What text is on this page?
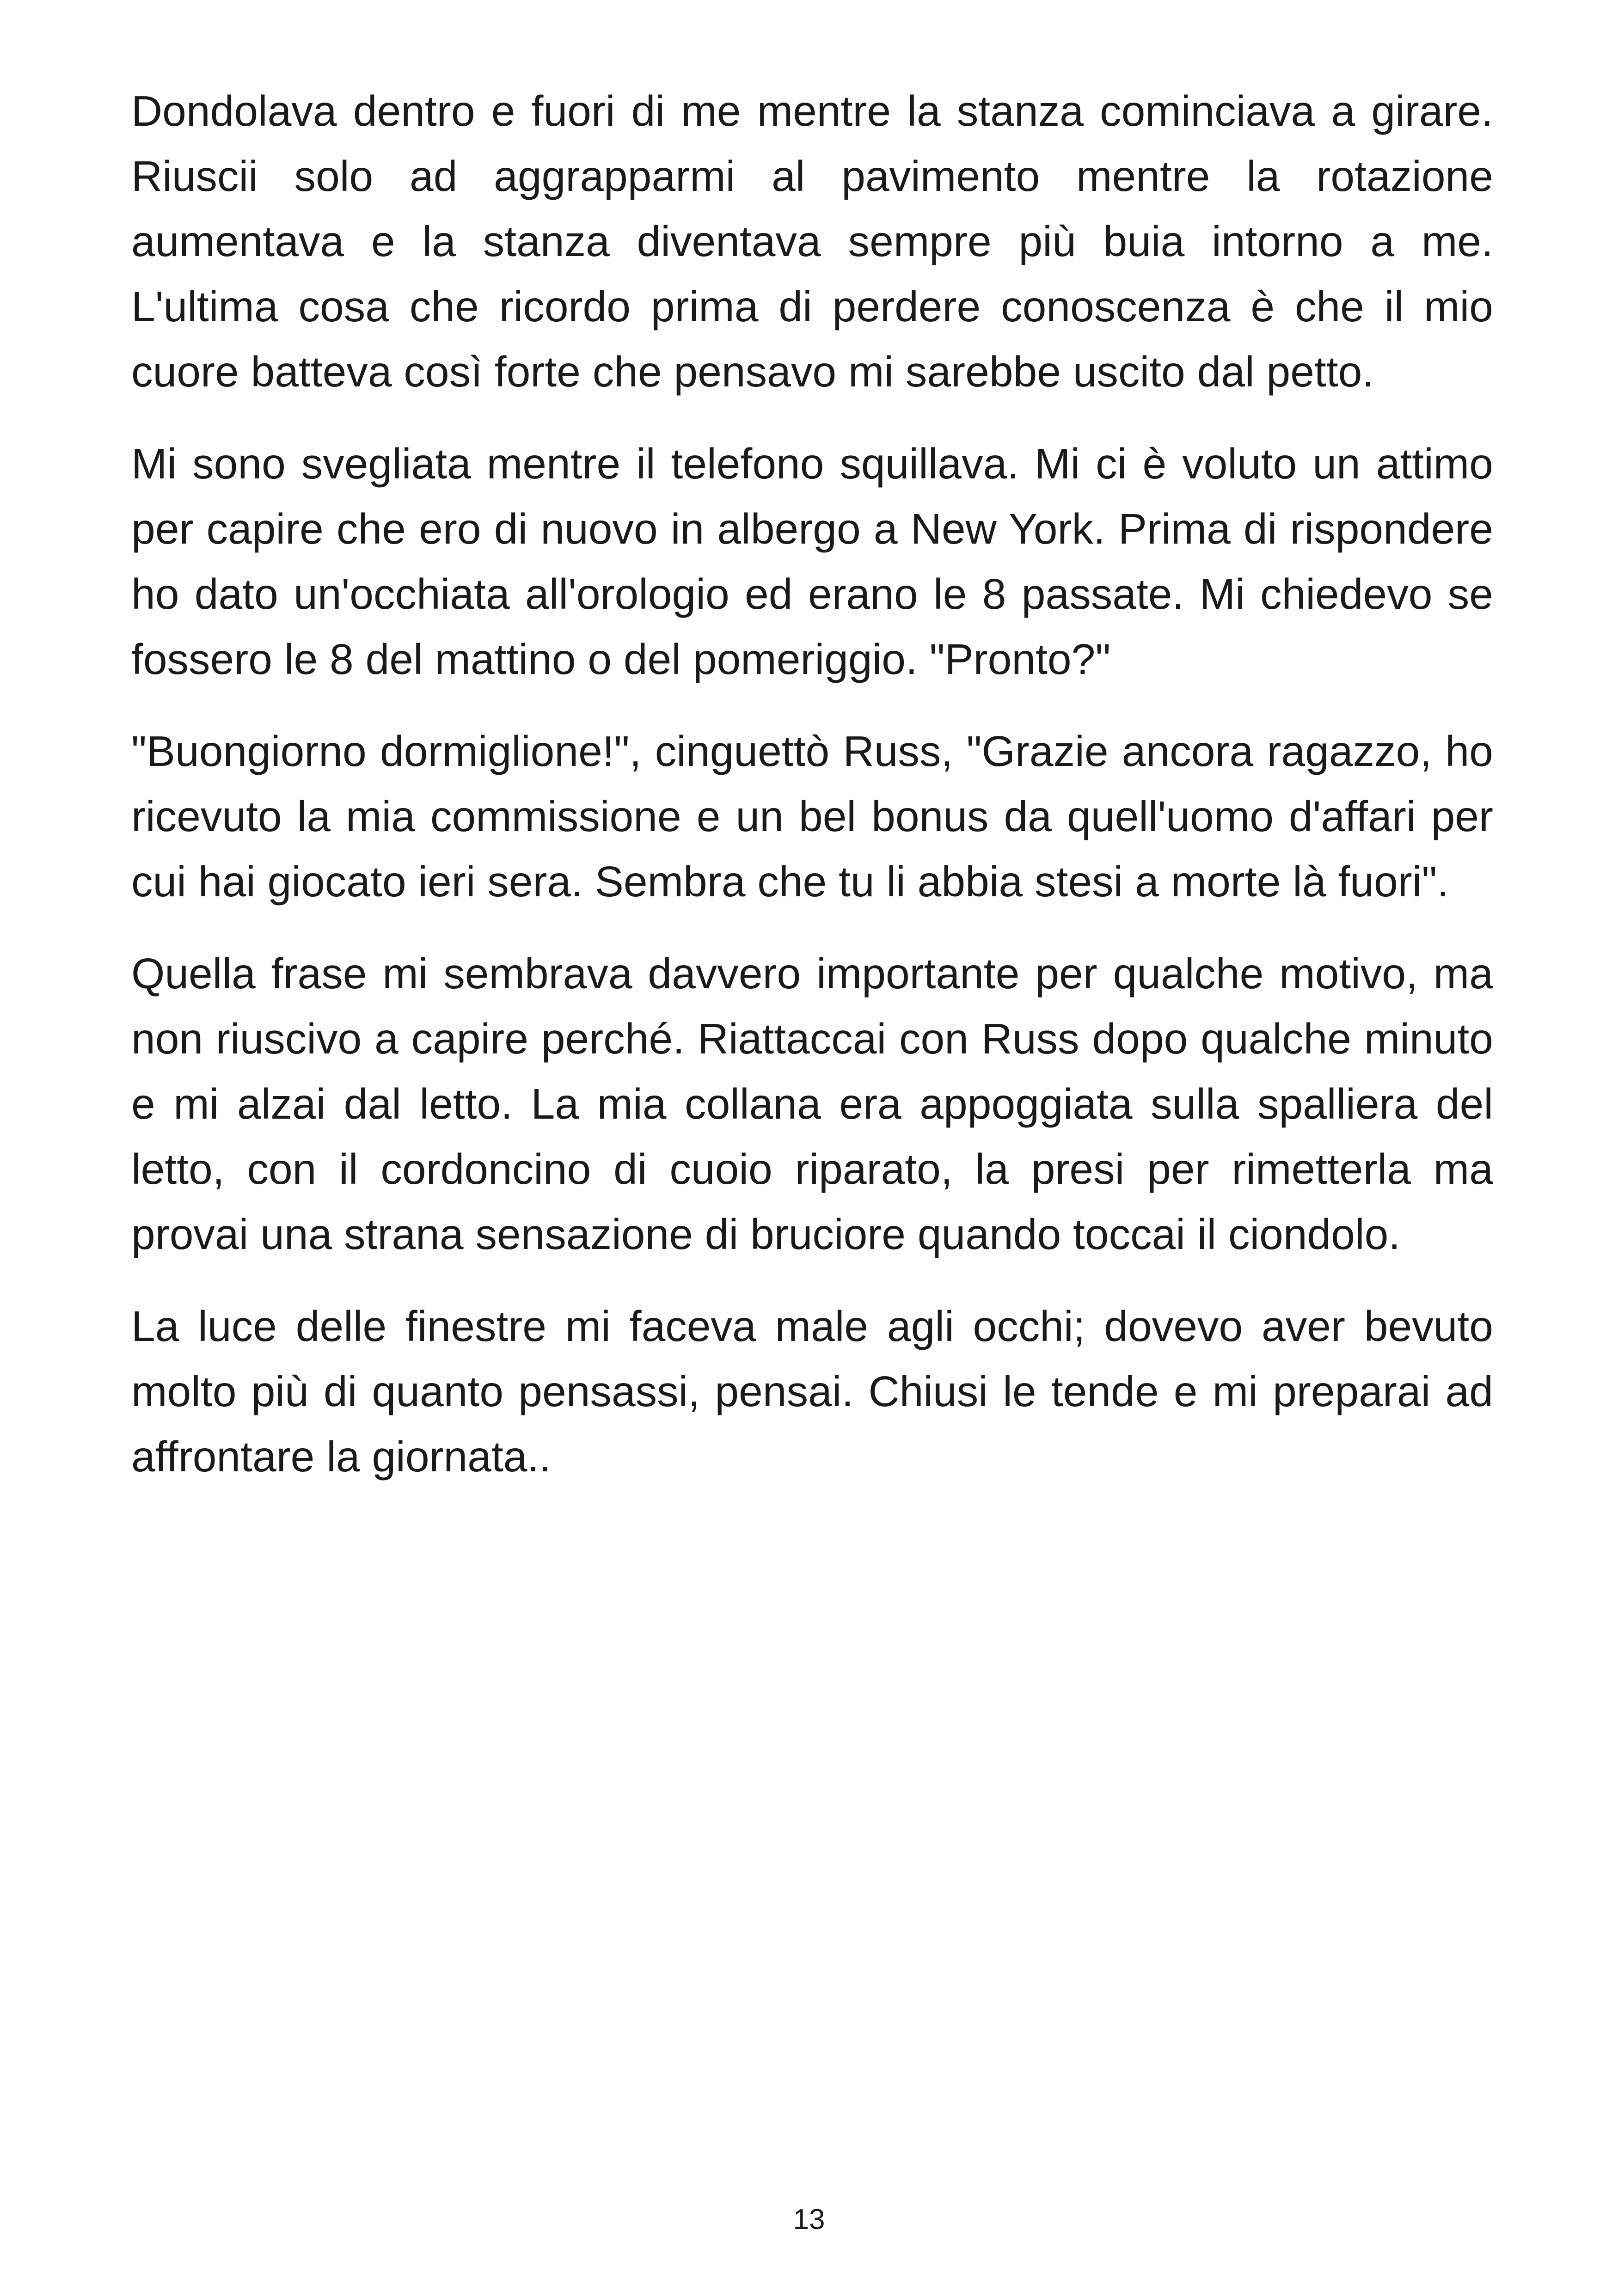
Dondolava dentro e fuori di me mentre la stanza cominciava a girare. Riuscii solo ad aggrapparmi al pavimento mentre la rotazione aumentava e la stanza diventava sempre più buia intorno a me. L'ultima cosa che ricordo prima di perdere conoscenza è che il mio cuore batteva così forte che pensavo mi sarebbe uscito dal petto.

Mi sono svegliata mentre il telefono squillava. Mi ci è voluto un attimo per capire che ero di nuovo in albergo a New York. Prima di rispondere ho dato un'occhiata all'orologio ed erano le 8 passate. Mi chiedevo se fossero le 8 del mattino o del pomeriggio. "Pronto?"

"Buongiorno dormiglione!", cinguettò Russ, "Grazie ancora ragazzo, ho ricevuto la mia commissione e un bel bonus da quell'uomo d'affari per cui hai giocato ieri sera. Sembra che tu li abbia stesi a morte là fuori".

Quella frase mi sembrava davvero importante per qualche motivo, ma non riuscivo a capire perché. Riattaccai con Russ dopo qualche minuto e mi alzai dal letto. La mia collana era appoggiata sulla spalliera del letto, con il cordoncino di cuoio riparato, la presi per rimetterla ma provai una strana sensazione di bruciore quando toccai il ciondolo.

La luce delle finestre mi faceva male agli occhi; dovevo aver bevuto molto più di quanto pensassi, pensai. Chiusi le tende e mi preparai ad affrontare la giornata..

13
